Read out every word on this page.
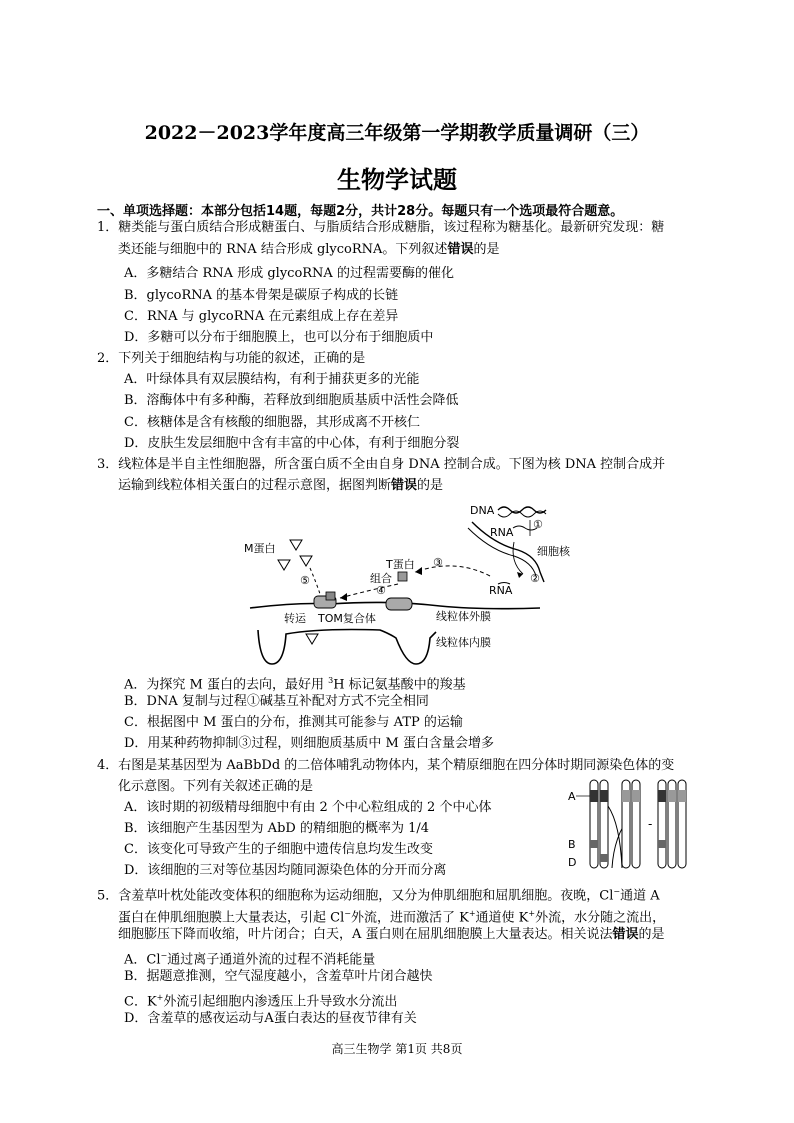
2022－2023学年度高三年级第一学期教学质量调研（三）
生物学试题
一、单项选择题：本部分包括14题，每题2分，共计28分。每题只有一个选项最符合题意。
1．糖类能与蛋白质结合形成糖蛋白、与脂质结合形成糖脂，该过程称为糖基化。最新研究发现：糖
类还能与细胞中的 RNA 结合形成 glycoRNA。下列叙述错误的是
A．多糖结合 RNA 形成 glycoRNA 的过程需要酶的催化
B．glycoRNA 的基本骨架是碳原子构成的长链
C．RNA 与 glycoRNA 在元素组成上存在差异
D．多糖可以分布于细胞膜上，也可以分布于细胞质中
2．下列关于细胞结构与功能的叙述，正确的是
A．叶绿体具有双层膜结构，有利于捕获更多的光能
B．溶酶体中有多种酶，若释放到细胞质基质中活性会降低
C．核糖体是含有核酸的细胞器，其形成离不开核仁
D．皮肤生发层细胞中含有丰富的中心体，有利于细胞分裂
3．线粒体是半自主性细胞器，所含蛋白质不全由自身 DNA 控制合成。下图为核 DNA 控制合成并
运输到线粒体相关蛋白的过程示意图，据图判断错误的是
DNA
RNA
①
细胞核
②
RNA
③
T蛋白
组合
④
M蛋白
⑤
线粒体外膜
转运 TOM复合体
线粒体内膜
A．为探究 M 蛋白的去向，最好用 $^3$H 标记氨基酸中的羧基
B．DNA 复制与过程①碱基互补配对方式不完全相同
C．根据图中 M 蛋白的分布，推测其可能参与 ATP 的运输
D．用某种药物抑制③过程，则细胞质基质中 M 蛋白含量会增多
4．右图是某基因型为 AaBbDd 的二倍体哺乳动物体内，某个精原细胞在四分体时期同源染色体的变
化示意图。下列有关叙述正确的是
A．该时期的初级精母细胞中有由 2 个中心粒组成的 2 个中心体
B．该细胞产生基因型为 AbD 的精细胞的概率为 1/4
C．该变化可导致产生的子细胞中遗传信息均发生改变
D．该细胞的三对等位基因均随同源染色体的分开而分离
A
B
D
-
5．含羞草叶枕处能改变体积的细胞称为运动细胞，又分为伸肌细胞和屈肌细胞。夜晚，Cl−通道 A
蛋白在伸肌细胞膜上大量表达，引起 Cl−外流，进而激活了 K+通道使 K+外流，水分随之流出，
细胞膨压下降而收缩，叶片闭合；白天，A 蛋白则在屈肌细胞膜上大量表达。相关说法错误的是
A．Cl−通过离子通道外流的过程不消耗能量
B．据题意推测，空气湿度越小，含羞草叶片闭合越快
C．K+外流引起细胞内渗透压上升导致水分流出
D．含羞草的感夜运动与A蛋白表达的昼夜节律有关
高三生物学 第1页 共8页
